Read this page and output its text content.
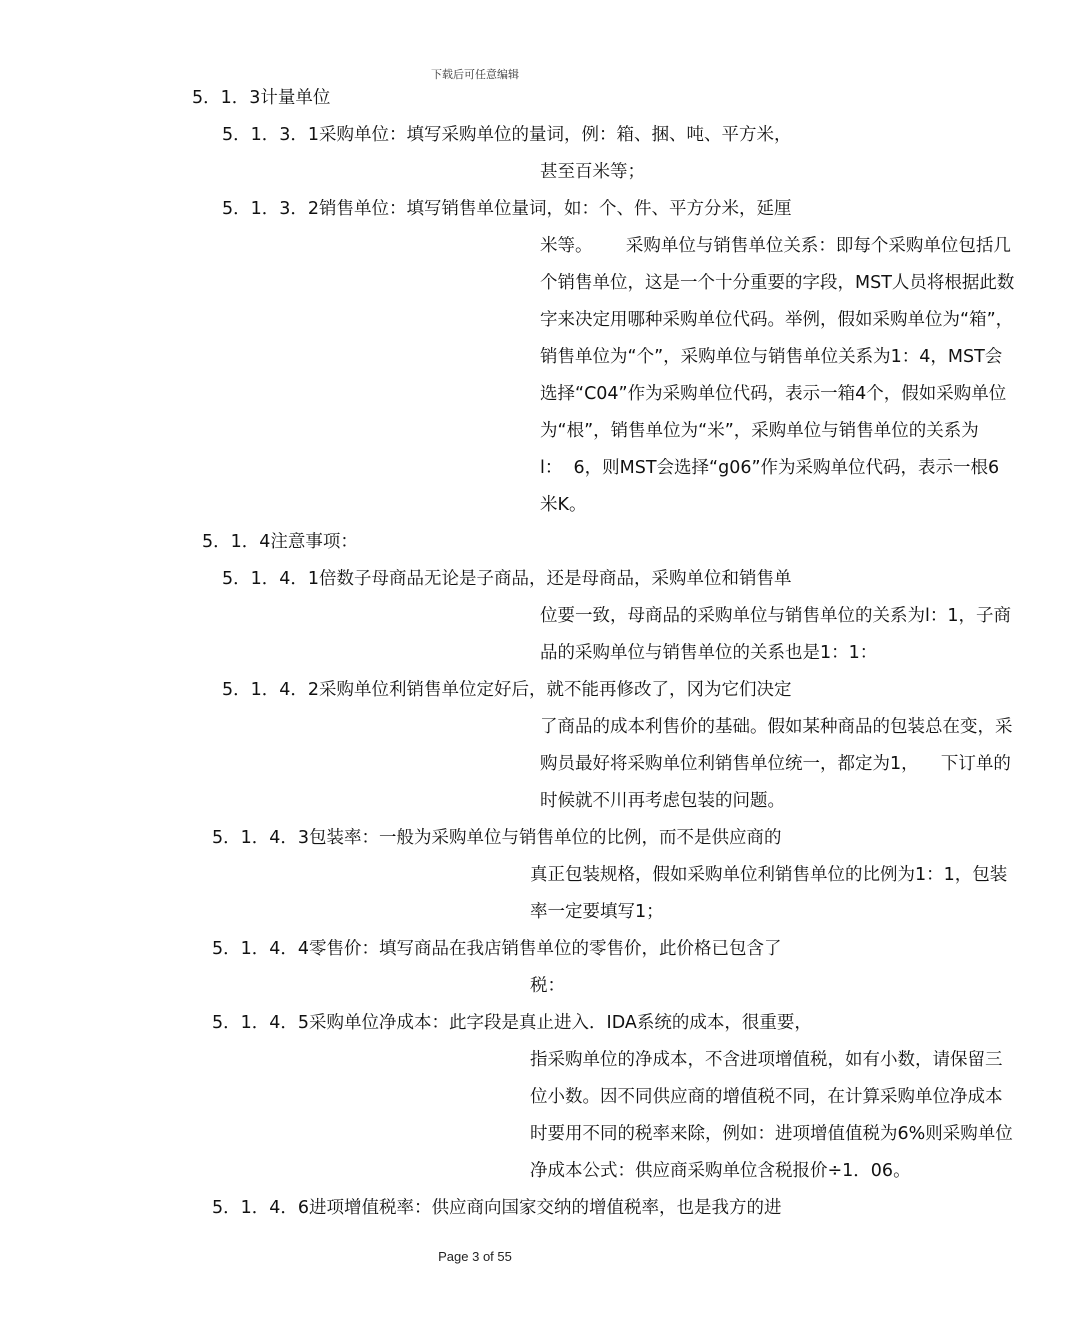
下载后可任意编辑
5．1．3计量单位
5．1．3．1采购单位：填写采购单位的量词，例：箱、捆、吨、平方米，
甚至百米等；
5．1．3．2销售单位：填写销售单位量词，如：个、件、平方分米，延厘
米等。      采购单位与销售单位关系：即每个采购单位包括几
个销售单位，这是一个十分重要的字段，MST人员将根据此数
字来决定用哪种采购单位代码。举例，假如采购单位为“箱”，
销售单位为“个”，采购单位与销售单位关系为1：4，MST会
选择“C04”作为采购单位代码，表示一箱4个，假如采购单位
为“根”，销售单位为“米”，采购单位与销售单位的关系为
l：  6，则MST会选择“g06”作为采购单位代码，表示一根6
米K。
5．1．4注意事项：
5．1．4．1倍数子母商品无论是子商品，还是母商品，采购单位和销售单
位要一致，母商品的采购单位与销售单位的关系为l：1，子商
品的采购单位与销售单位的关系也是1：1：
5．1．4．2采购单位利销售单位定好后，就不能再修改了，冈为它们决定
了商品的成本利售价的基础。假如某种商品的包装总在变，采
购员最好将采购单位利销售单位统一，都定为1，    下订单的
时候就不川再考虑包装的问题。
5．1．4．3包装率：一般为采购单位与销售单位的比例，而不是供应商的
真正包装规格，假如采购单位利销售单位的比例为1：1，包装
率一定要填写1；
5．1．4．4零售价：填写商品在我店销售单位的零售价，此价格已包含了
税：
5．1．4．5采购单位净成本：此字段是真止进入．IDA系统的成本，很重要，
指采购单位的净成本，不含进项增值税，如有小数，请保留三
位小数。因不同供应商的增值税不同，在计算采购单位净成本
时要用不同的税率来除，例如：进项增值值税为6%则采购单位
净成本公式：供应商采购单位含税报价÷1．06。
5．1．4．6进项增值税率：供应商向国家交纳的增值税率，也是我方的进
Page 3 of 55
